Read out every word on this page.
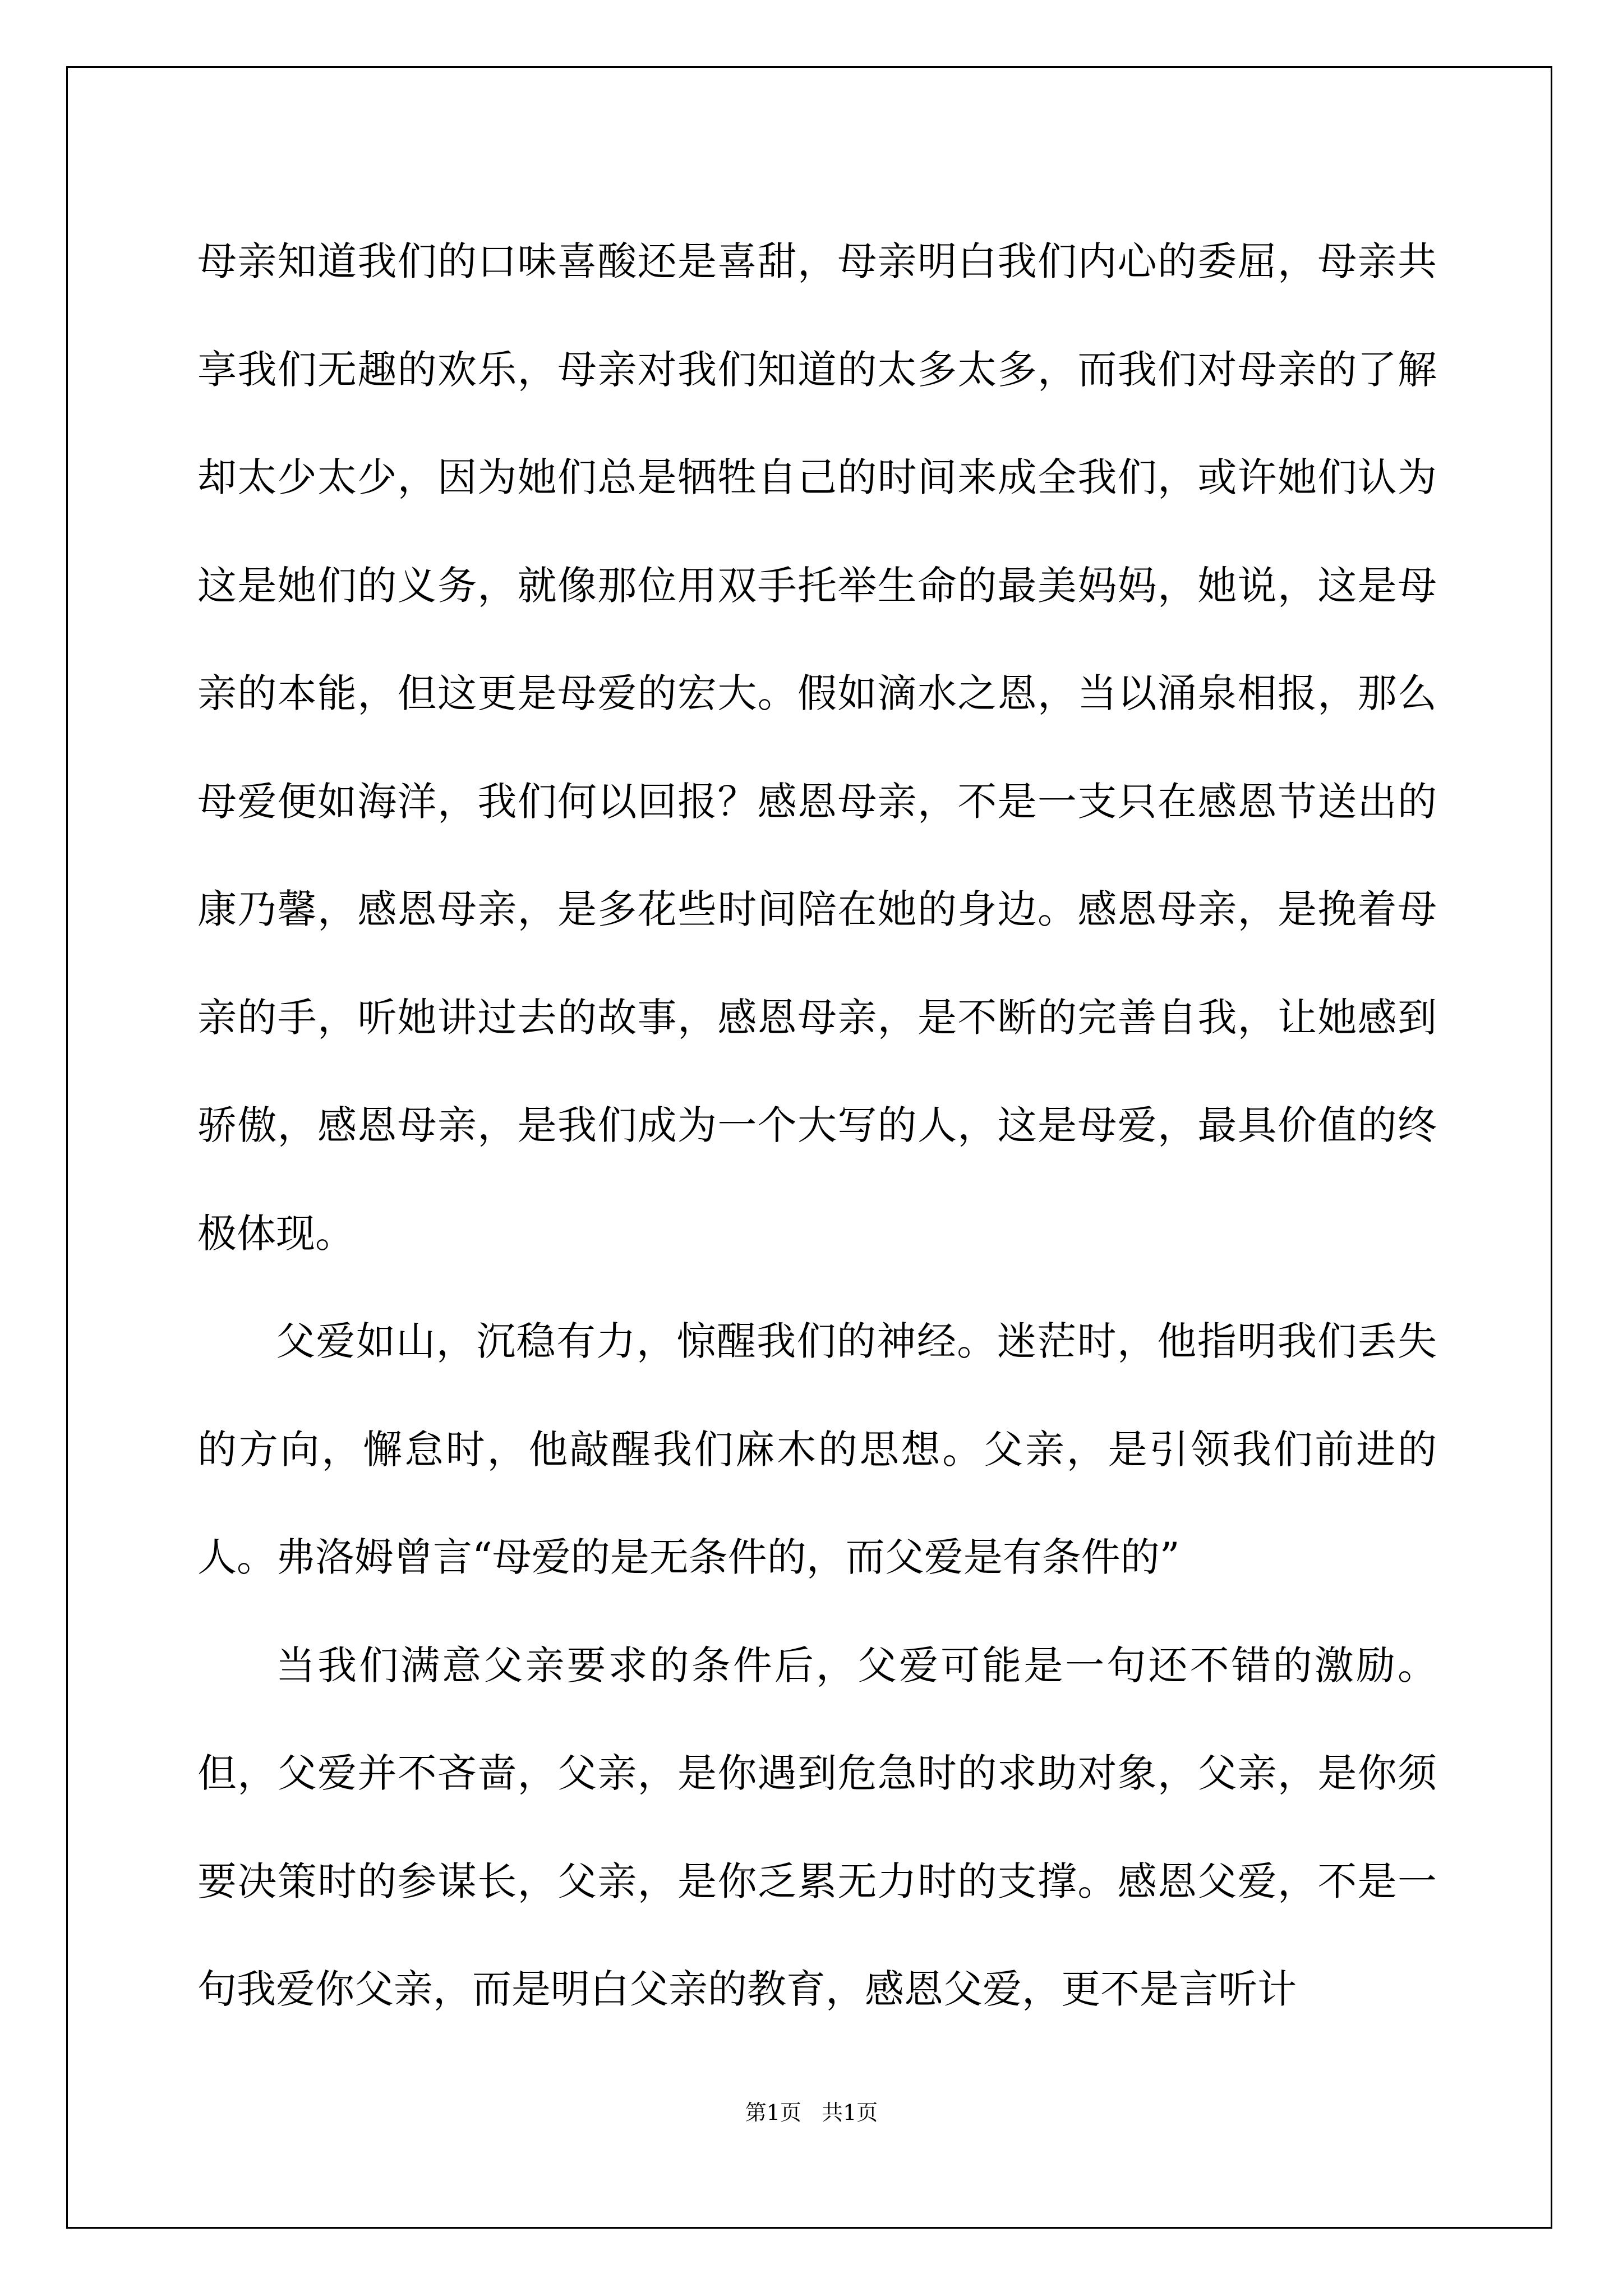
母亲知道我们的口味喜酸还是喜甜，母亲明白我们内心的委屈，母亲共享我们无趣的欢乐，母亲对我们知道的太多太多，而我们对母亲的了解却太少太少，因为她们总是牺牲自己的时间来成全我们，或许她们认为这是她们的义务，就像那位用双手托举生命的最美妈妈，她说，这是母亲的本能，但这更是母爱的宏大。假如滴水之恩，当以涌泉相报，那么母爱便如海洋，我们何以回报？感恩母亲，不是一支只在感恩节送出的康乃馨，感恩母亲，是多花些时间陪在她的身边。感恩母亲，是挽着母亲的手，听她讲过去的故事，感恩母亲，是不断的完善自我，让她感到骄傲，感恩母亲，是我们成为一个大写的人，这是母爱，最具价值的终极体现。

父爱如山，沉稳有力，惊醒我们的神经。迷茫时，他指明我们丢失的方向，懈怠时，他敲醒我们麻木的思想。父亲，是引领我们前进的人。弗洛姆曾言“母爱的是无条件的，而父爱是有条件的”

当我们满意父亲要求的条件后，父爱可能是一句还不错的激励。但，父爱并不吝啬，父亲，是你遇到危急时的求助对象，父亲，是你须要决策时的参谋长，父亲，是你乏累无力时的支撑。感恩父爱，不是一句我爱你父亲，而是明白父亲的教育，感恩父爱，更不是言听计

第1页   共1页
